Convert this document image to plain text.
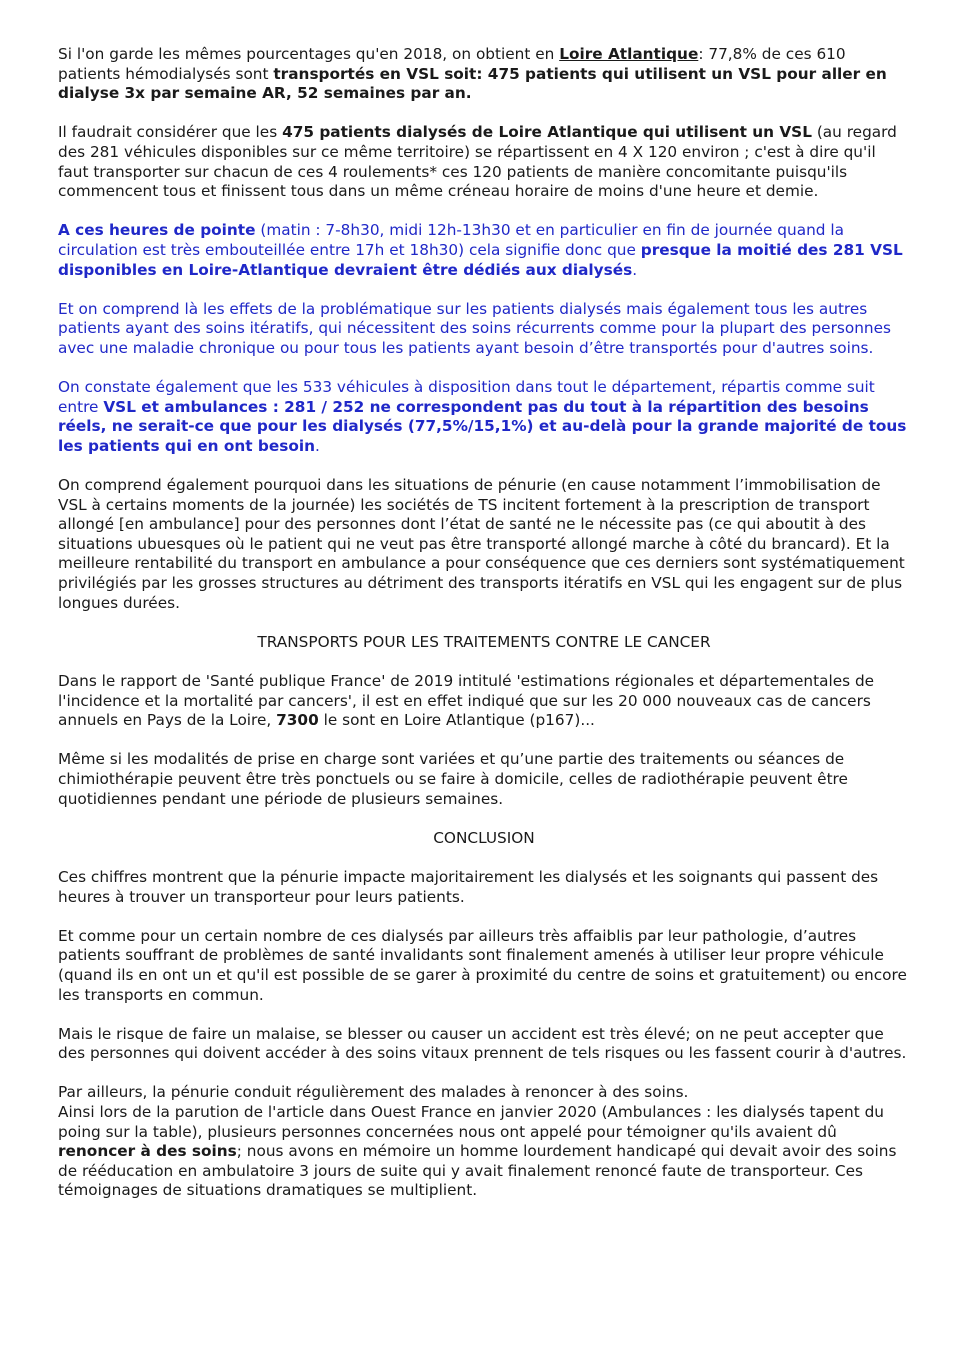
Si l'on garde les mêmes pourcentages qu'en 2018, on obtient en Loire Atlantique: 77,8% de ces 610 patients hémodialysés sont transportés en VSL soit: 475 patients qui utilisent un VSL pour aller en dialyse 3x par semaine AR, 52 semaines par an.

Il faudrait considérer que les 475 patients dialysés de Loire Atlantique qui utilisent un VSL (au regard des 281 véhicules disponibles sur ce même territoire) se répartissent en 4 X 120 environ ; c'est à dire qu'il faut transporter sur chacun de ces 4 roulements* ces 120 patients de manière concomitante puisqu'ils commencent tous et finissent tous dans un même créneau horaire de moins d'une heure et demie.

A ces heures de pointe (matin : 7-8h30, midi 12h-13h30 et en particulier en fin de journée quand la circulation est très embouteillée entre 17h et 18h30) cela signifie donc que presque la moitié des 281 VSL disponibles en Loire-Atlantique devraient être dédiés aux dialysés.

Et on comprend là les effets de la problématique sur les patients dialysés mais également tous les autres patients ayant des soins itératifs, qui nécessitent des soins récurrents comme pour la plupart des personnes avec une maladie chronique ou pour tous les patients ayant besoin d’être transportés pour d'autres soins.

On constate également que les 533 véhicules à disposition dans tout le département, répartis comme suit entre VSL et ambulances : 281 / 252 ne correspondent pas du tout à la répartition des besoins réels, ne serait-ce que pour les dialysés (77,5%/15,1%) et au-delà pour la grande majorité de tous les patients qui en ont besoin.

On comprend également pourquoi dans les situations de pénurie (en cause notamment l’immobilisation de VSL à certains moments de la journée) les sociétés de TS incitent fortement à la prescription de transport allongé [en ambulance] pour des personnes dont l’état de santé ne le nécessite pas (ce qui aboutit à des situations ubuesques où le patient qui ne veut pas être transporté allongé marche à côté du brancard). Et la meilleure rentabilité du transport en ambulance a pour conséquence que ces derniers sont systématiquement privilégiés par les grosses structures au détriment des transports itératifs en VSL qui les engagent sur de plus longues durées.

TRANSPORTS POUR LES TRAITEMENTS CONTRE LE CANCER

Dans le rapport de 'Santé publique France' de 2019 intitulé 'estimations régionales et départementales de l'incidence et la mortalité par cancers', il est en effet indiqué que sur les 20 000 nouveaux cas de cancers annuels en Pays de la Loire, 7300 le sont en Loire Atlantique (p167)...

Même si les modalités de prise en charge sont variées et qu’une partie des traitements ou séances de chimiothérapie peuvent être très ponctuels ou se faire à domicile, celles de radiothérapie peuvent être quotidiennes pendant une période de plusieurs semaines.

CONCLUSION

Ces chiffres montrent que la pénurie impacte majoritairement les dialysés et les soignants qui passent des heures à trouver un transporteur pour leurs patients.

Et comme pour un certain nombre de ces dialysés par ailleurs très affaiblis par leur pathologie, d’autres patients souffrant de problèmes de santé invalidants sont finalement amenés à utiliser leur propre véhicule (quand ils en ont un et qu'il est possible de se garer à proximité du centre de soins et gratuitement) ou encore les transports en commun.

Mais le risque de faire un malaise, se blesser ou causer un accident est très élevé; on ne peut accepter que des personnes qui doivent accéder à des soins vitaux prennent de tels risques ou les fassent courir à d'autres.

Par ailleurs, la pénurie conduit régulièrement des malades à renoncer à des soins.

Ainsi lors de la parution de l'article dans Ouest France en janvier 2020 (Ambulances : les dialysés tapent du poing sur la table), plusieurs personnes concernées nous ont appelé pour témoigner qu'ils avaient dû renoncer à des soins; nous avons en mémoire un homme lourdement handicapé qui devait avoir des soins de rééducation en ambulatoire 3 jours de suite qui y avait finalement renoncé faute de transporteur. Ces témoignages de situations dramatiques se multiplient.
